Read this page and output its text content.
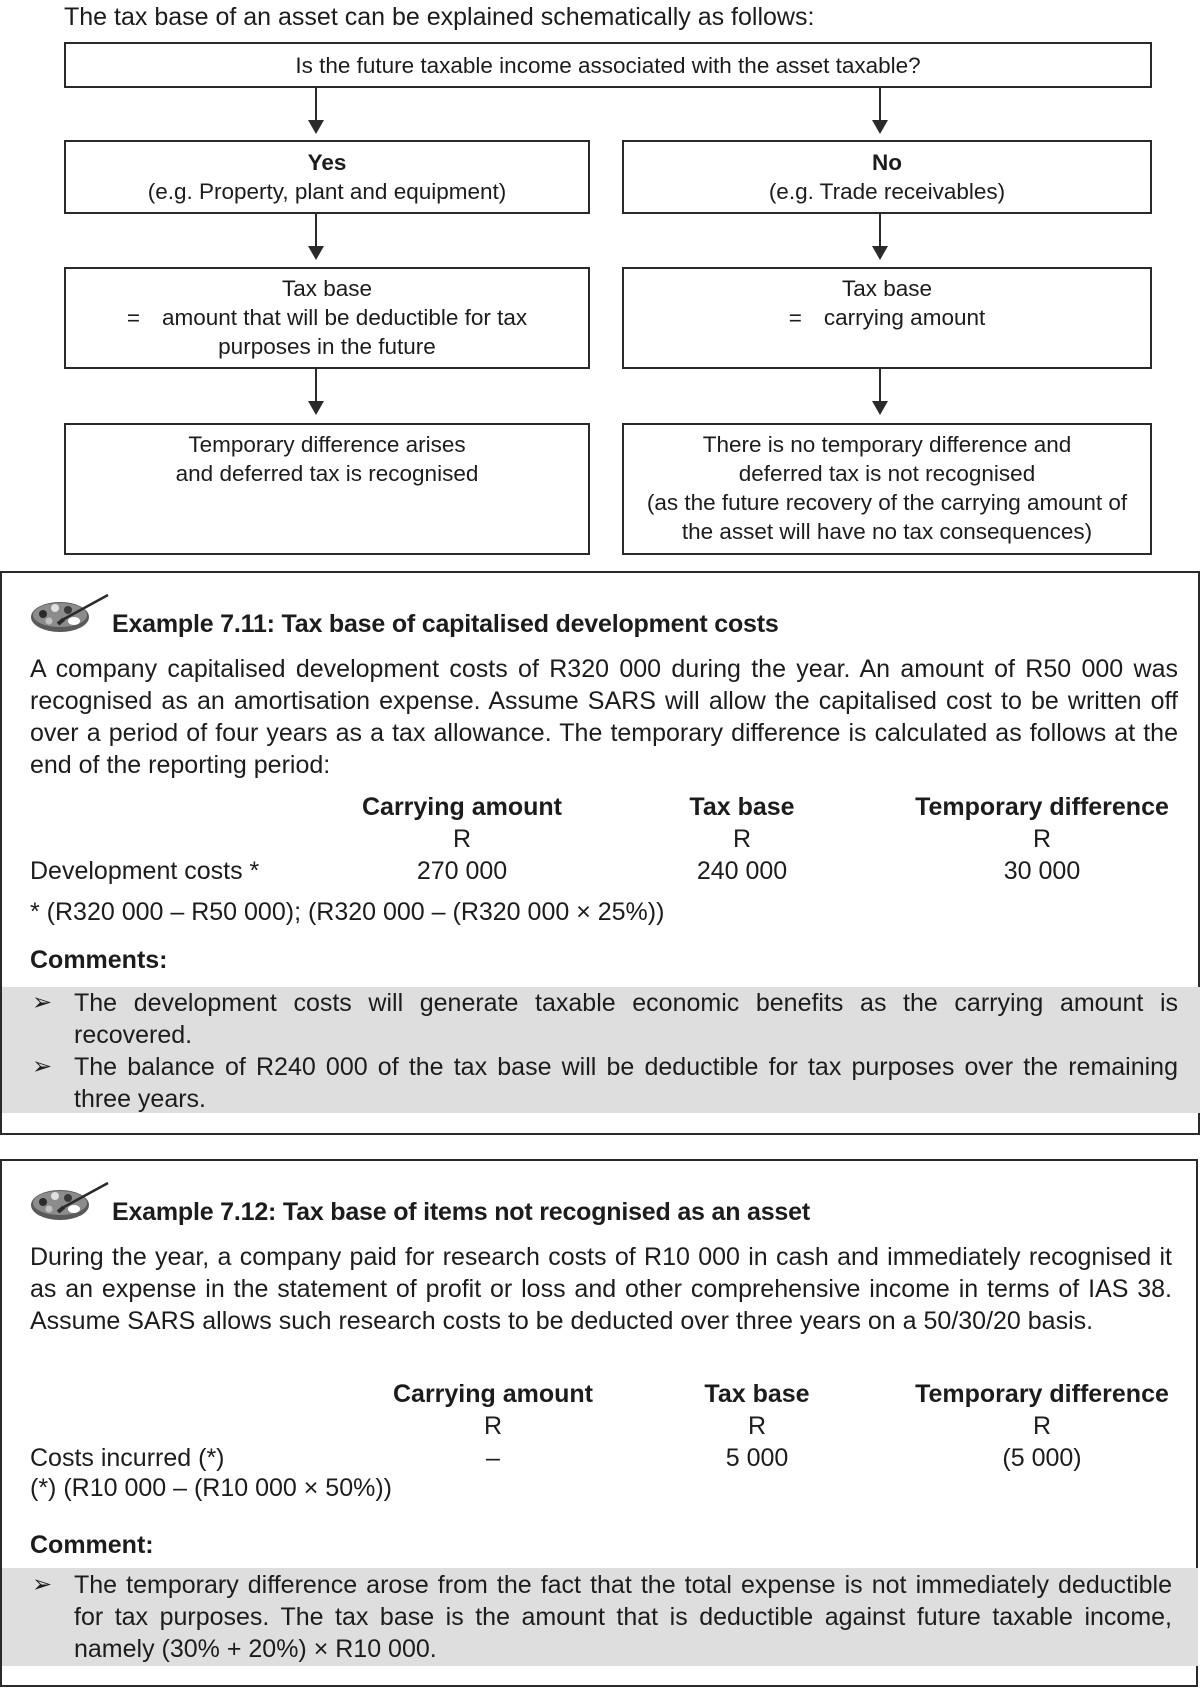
The tax base of an asset can be explained schematically as follows:
Is the future taxable income associated with the asset taxable?
Yes
(e.g. Property, plant and equipment)
No
(e.g. Trade receivables)
Tax base
= amount that will be deductible for tax
purposes in the future
Tax base
= carrying amount
Temporary difference arises
and deferred tax is recognised
There is no temporary difference and
deferred tax is not recognised
(as the future recovery of the carrying amount of
the asset will have no tax consequences)
Example 7.11: Tax base of capitalised development costs
A company capitalised development costs of R320 000 during the year. An amount of R50 000 was recognised as an amortisation expense. Assume SARS will allow the capitalised cost to be written off over a period of four years as a tax allowance. The temporary difference is calculated as follows at the end of the reporting period:
Carrying amount	Tax base	Temporary difference
R	R	R
Development costs *	270 000	240 000	30 000
* (R320 000 – R50 000); (R320 000 – (R320 000 × 25%))
Comments:
➢ The development costs will generate taxable economic benefits as the carrying amount is recovered.
➢ The balance of R240 000 of the tax base will be deductible for tax purposes over the remaining three years.
Example 7.12: Tax base of items not recognised as an asset
During the year, a company paid for research costs of R10 000 in cash and immediately recognised it as an expense in the statement of profit or loss and other comprehensive income in terms of IAS 38. Assume SARS allows such research costs to be deducted over three years on a 50/30/20 basis.
Carrying amount	Tax base	Temporary difference
R	R	R
Costs incurred (*)	–	5 000	(5 000)
(*) (R10 000 – (R10 000 × 50%))
Comment:
➢ The temporary difference arose from the fact that the total expense is not immediately deductible for tax purposes. The tax base is the amount that is deductible against future taxable income, namely (30% + 20%) × R10 000.
